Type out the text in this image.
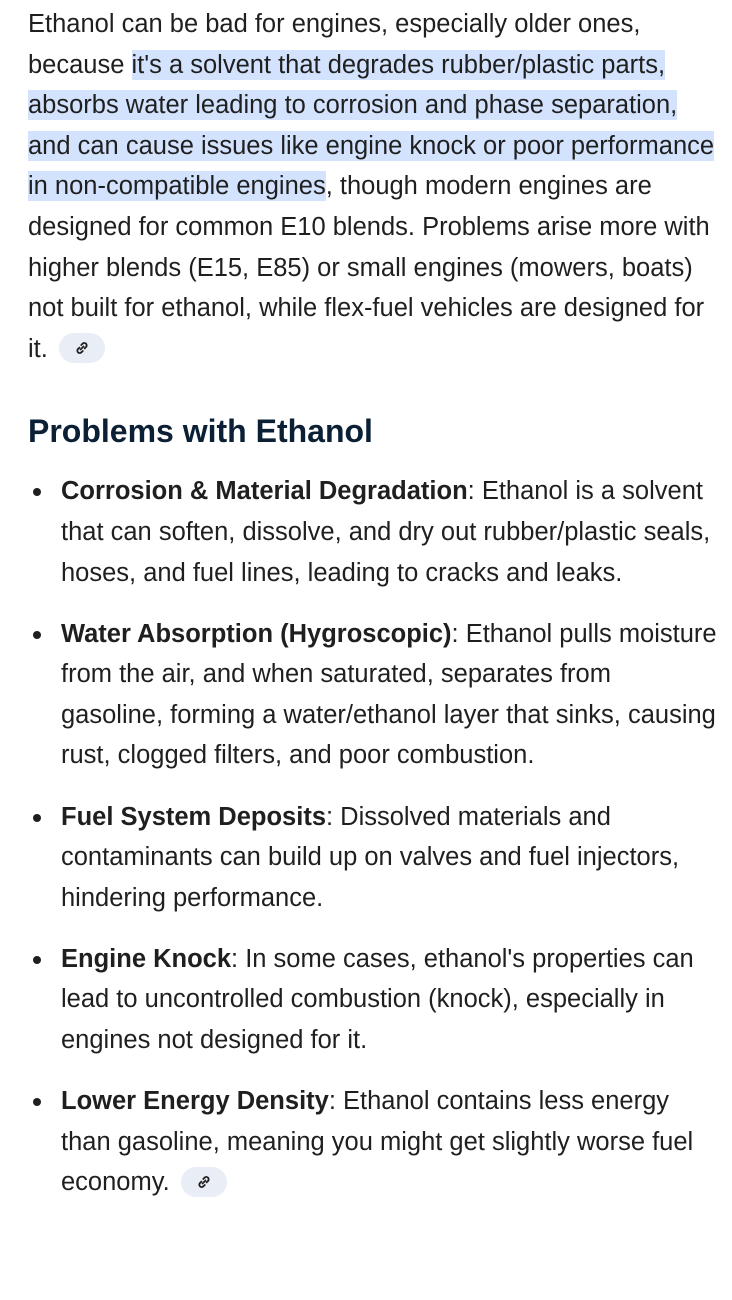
Ethanol can be bad for engines, especially older ones, because it's a solvent that degrades rubber/plastic parts, absorbs water leading to corrosion and phase separation, and can cause issues like engine knock or poor performance in non-compatible engines, though modern engines are designed for common E10 blends. Problems arise more with higher blends (E15, E85) or small engines (mowers, boats) not built for ethanol, while flex-fuel vehicles are designed for it.

Problems with Ethanol
Corrosion & Material Degradation: Ethanol is a solvent that can soften, dissolve, and dry out rubber/plastic seals, hoses, and fuel lines, leading to cracks and leaks.
Water Absorption (Hygroscopic): Ethanol pulls moisture from the air, and when saturated, separates from gasoline, forming a water/ethanol layer that sinks, causing rust, clogged filters, and poor combustion.
Fuel System Deposits: Dissolved materials and contaminants can build up on valves and fuel injectors, hindering performance.
Engine Knock: In some cases, ethanol's properties can lead to uncontrolled combustion (knock), especially in engines not designed for it.
Lower Energy Density: Ethanol contains less energy than gasoline, meaning you might get slightly worse fuel economy.
